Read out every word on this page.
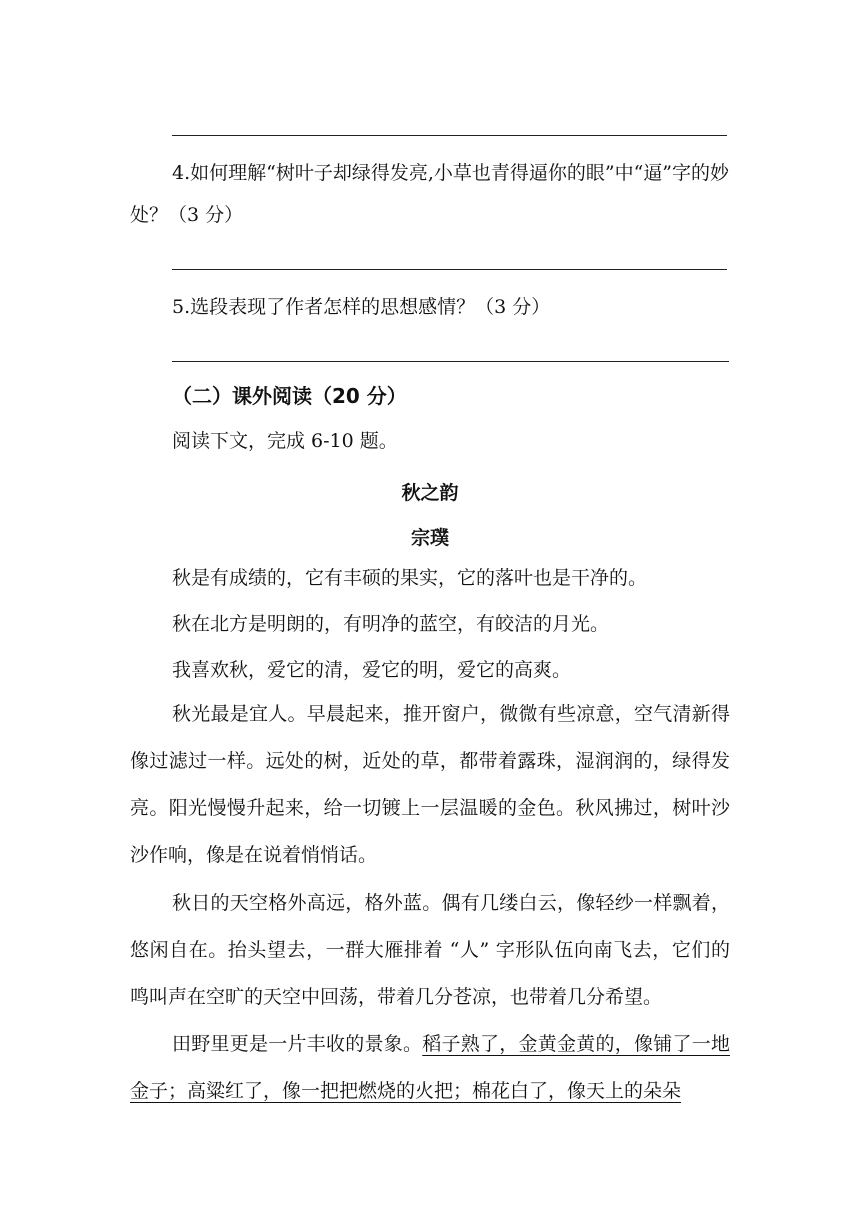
4.如何理解“树叶子却绿得发亮,小草也青得逼你的眼”中“逼”字的妙处？（3 分）

5.选段表现了作者怎样的思想感情？（3 分）

（二）课外阅读（20 分）

阅读下文，完成 6-10 题。

秋之韵

宗璞

秋是有成绩的，它有丰硕的果实，它的落叶也是干净的。

秋在北方是明朗的，有明净的蓝空，有皎洁的月光。

我喜欢秋，爱它的清，爱它的明，爱它的高爽。

秋光最是宜人。早晨起来，推开窗户，微微有些凉意，空气清新得像过滤过一样。远处的树，近处的草，都带着露珠，湿润润的，绿得发亮。阳光慢慢升起来，给一切镀上一层温暖的金色。秋风拂过，树叶沙沙作响，像是在说着悄悄话。

秋日的天空格外高远，格外蓝。偶有几缕白云，像轻纱一样飘着，悠闲自在。抬头望去，一群大雁排着 “人” 字形队伍向南飞去，它们的鸣叫声在空旷的天空中回荡，带着几分苍凉，也带着几分希望。

田野里更是一片丰收的景象。稻子熟了，金黄金黄的，像铺了一地金子；高粱红了，像一把把燃烧的火把；棉花白了，像天上的朵朵
